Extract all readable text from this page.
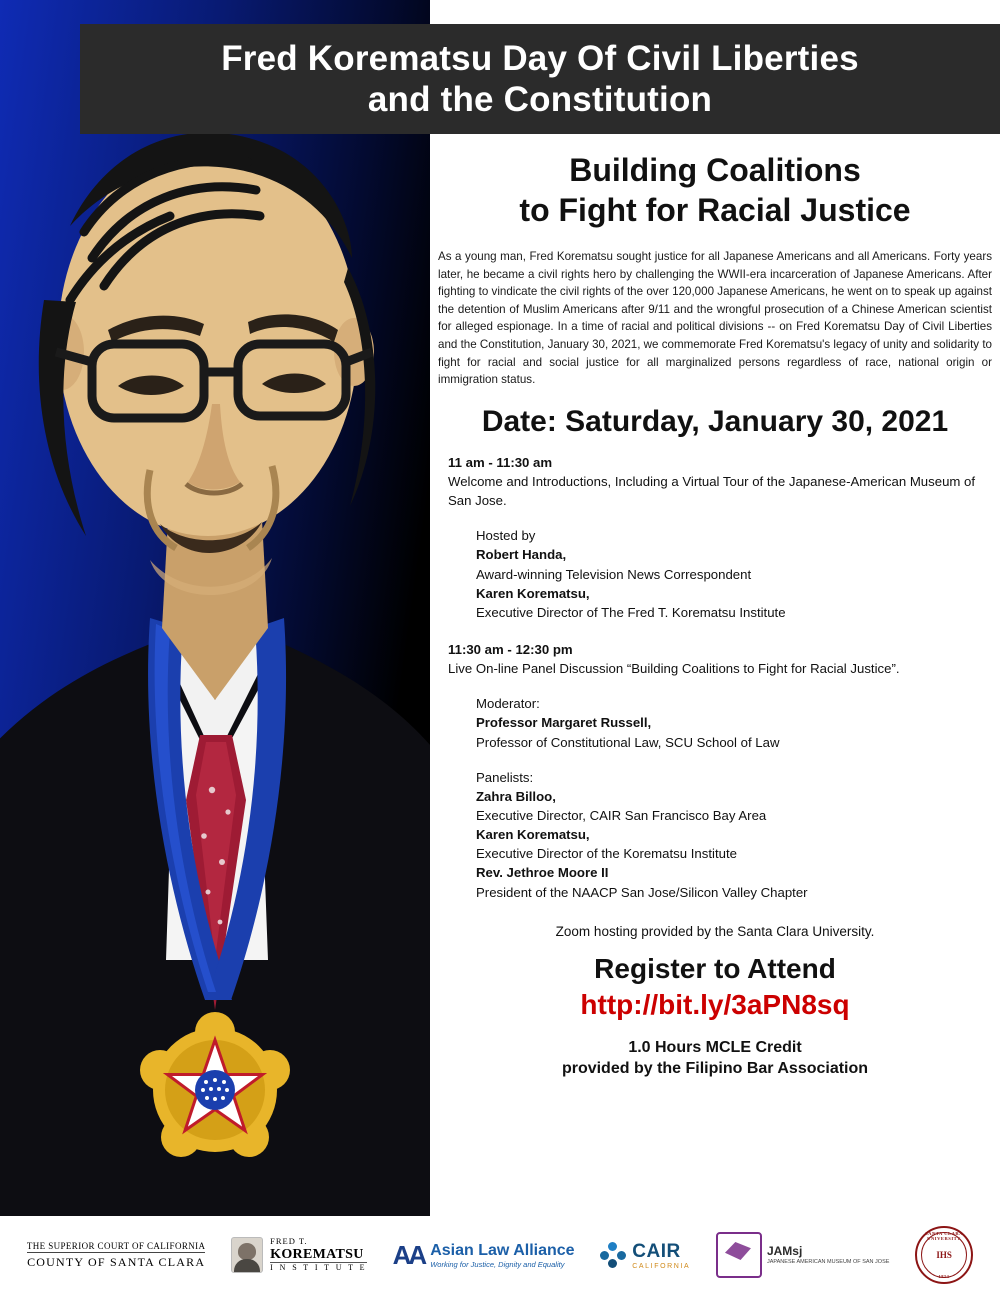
Fred Korematsu Day Of Civil Liberties
and the Constitution
Building Coalitions
to Fight for Racial Justice

As a young man, Fred Korematsu sought justice for all Japanese Americans and all Americans. Forty years later, he became a civil rights hero by challenging the WWII-era incarceration of Japanese Americans. After fighting to vindicate the civil rights of the over 120,000 Japanese Americans, he went on to speak up against the detention of Muslim Americans after 9/11 and the wrongful prosecution of a Chinese American scientist for alleged espionage. In a time of racial and political divisions -- on Fred Korematsu Day of Civil Liberties and the Constitution, January 30, 2021, we commemorate Fred Korematsu's legacy of unity and solidarity to fight for racial and social justice for all marginalized persons regardless of race, national origin or immigration status.

Date: Saturday, January 30, 2021
11 am - 11:30 am
Welcome and Introductions, Including a Virtual Tour of the Japanese-American Museum of San Jose.
Hosted by
Robert Handa,
Award-winning Television News Correspondent
Karen Korematsu,
Executive Director of The Fred T. Korematsu Institute
11:30 am - 12:30 pm
Live On-line Panel Discussion “Building Coalitions to Fight for Racial Justice”.
Moderator:
Professor Margaret Russell,
Professor of Constitutional Law, SCU School of Law
Panelists:
Zahra Billoo,
Executive Director, CAIR San Francisco Bay Area
Karen Korematsu,
Executive Director of the Korematsu Institute
Rev. Jethroe Moore II
President of the NAACP San Jose/Silicon Valley Chapter
Zoom hosting provided by the Santa Clara University.
Register to Attend
http://bit.ly/3aPN8sq
1.0 Hours MCLE Credit
provided by the Filipino Bar Association
THE SUPERIOR COURT OF CALIFORNIA
COUNTY OF SANTA CLARA
FRED T.
KOREMATSU
I N S T I T U T E AA Asian Law Alliance
Working for Justice, Dignity and Equality
CAIR
CALIFORNIA
JAMsj
JAPANESE AMERICAN MUSEUM OF SAN JOSE
SANTA CLARA UNIVERSITY
IHS
1851
